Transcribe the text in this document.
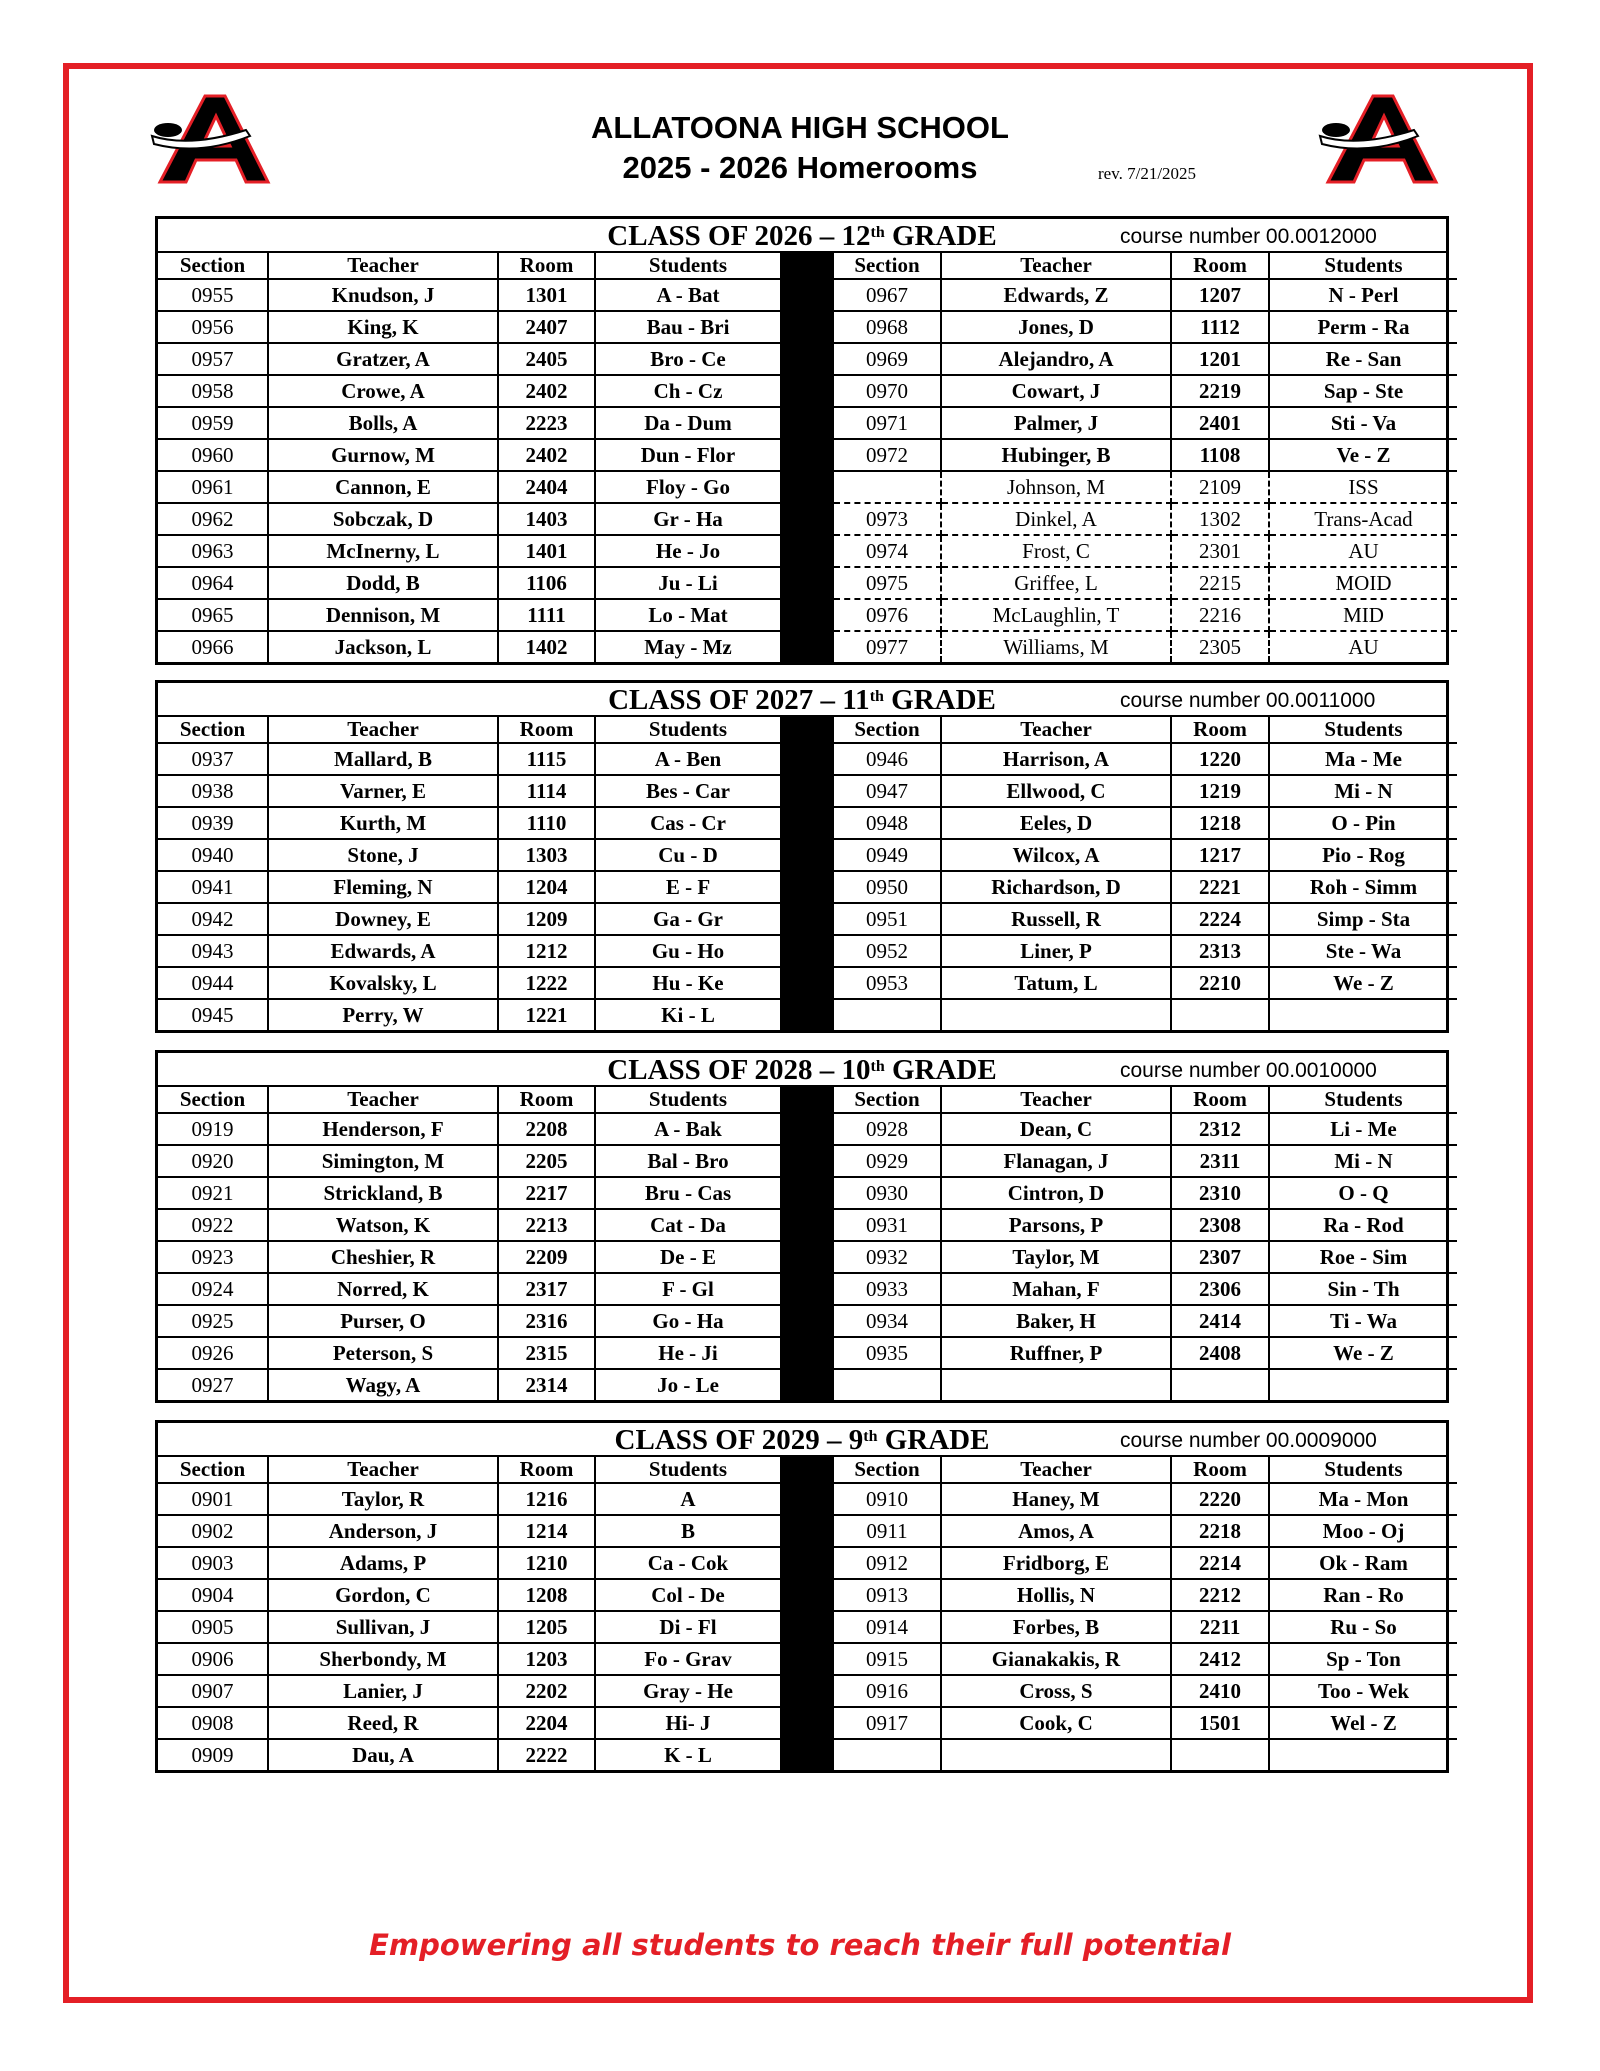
ALLATOONA HIGH SCHOOL
2025 - 2026 Homerooms	rev. 7/21/2025
CLASS OF 2026 – 12th GRADE	course number 00.0012000
Section	Teacher	Room	Students		Section	Teacher	Room	Students
0955	Knudson, J	1301	A - Bat		0967	Edwards, Z	1207	N - Perl
0956	King, K	2407	Bau - Bri		0968	Jones, D	1112	Perm - Ra
0957	Gratzer, A	2405	Bro - Ce		0969	Alejandro, A	1201	Re - San
0958	Crowe, A	2402	Ch - Cz		0970	Cowart, J	2219	Sap - Ste
0959	Bolls, A	2223	Da - Dum		0971	Palmer, J	2401	Sti - Va
0960	Gurnow, M	2402	Dun - Flor		0972	Hubinger, B	1108	Ve - Z
0961	Cannon, E	2404	Floy - Go			Johnson, M	2109	ISS
0962	Sobczak, D	1403	Gr - Ha		0973	Dinkel, A	1302	Trans-Acad
0963	McInerny, L	1401	He - Jo		0974	Frost, C	2301	AU
0964	Dodd, B	1106	Ju - Li		0975	Griffee, L	2215	MOID
0965	Dennison, M	1111	Lo - Mat		0976	McLaughlin, T	2216	MID
0966	Jackson, L	1402	May - Mz		0977	Williams, M	2305	AU
CLASS OF 2027 – 11th GRADE	course number 00.0011000
Section	Teacher	Room	Students		Section	Teacher	Room	Students
0937	Mallard, B	1115	A - Ben		0946	Harrison, A	1220	Ma - Me
0938	Varner, E	1114	Bes - Car		0947	Ellwood, C	1219	Mi - N
0939	Kurth, M	1110	Cas - Cr		0948	Eeles, D	1218	O - Pin
0940	Stone, J	1303	Cu - D		0949	Wilcox, A	1217	Pio - Rog
0941	Fleming, N	1204	E - F		0950	Richardson, D	2221	Roh - Simm
0942	Downey, E	1209	Ga - Gr		0951	Russell, R	2224	Simp - Sta
0943	Edwards, A	1212	Gu - Ho		0952	Liner, P	2313	Ste - Wa
0944	Kovalsky, L	1222	Hu - Ke		0953	Tatum, L	2210	We - Z
0945	Perry, W	1221	Ki - L					
CLASS OF 2028 – 10th GRADE	course number 00.0010000
Section	Teacher	Room	Students		Section	Teacher	Room	Students
0919	Henderson, F	2208	A - Bak		0928	Dean, C	2312	Li - Me
0920	Simington, M	2205	Bal - Bro		0929	Flanagan, J	2311	Mi - N
0921	Strickland, B	2217	Bru - Cas		0930	Cintron, D	2310	O - Q
0922	Watson, K	2213	Cat - Da		0931	Parsons, P	2308	Ra - Rod
0923	Cheshier, R	2209	De - E		0932	Taylor, M	2307	Roe - Sim
0924	Norred, K	2317	F - Gl		0933	Mahan, F	2306	Sin - Th
0925	Purser, O	2316	Go - Ha		0934	Baker, H	2414	Ti - Wa
0926	Peterson, S	2315	He - Ji		0935	Ruffner, P	2408	We - Z
0927	Wagy, A	2314	Jo - Le					
CLASS OF 2029 – 9th GRADE	course number 00.0009000
Section	Teacher	Room	Students		Section	Teacher	Room	Students
0901	Taylor, R	1216	A		0910	Haney, M	2220	Ma - Mon
0902	Anderson, J	1214	B		0911	Amos, A	2218	Moo - Oj
0903	Adams, P	1210	Ca - Cok		0912	Fridborg, E	2214	Ok - Ram
0904	Gordon, C	1208	Col - De		0913	Hollis, N	2212	Ran - Ro
0905	Sullivan, J	1205	Di - Fl		0914	Forbes, B	2211	Ru - So
0906	Sherbondy, M	1203	Fo - Grav		0915	Gianakakis, R	2412	Sp - Ton
0907	Lanier, J	2202	Gray - He		0916	Cross, S	2410	Too - Wek
0908	Reed, R	2204	Hi- J		0917	Cook, C	1501	Wel - Z
0909	Dau, A	2222	K - L					
Empowering all students to reach their full potential
